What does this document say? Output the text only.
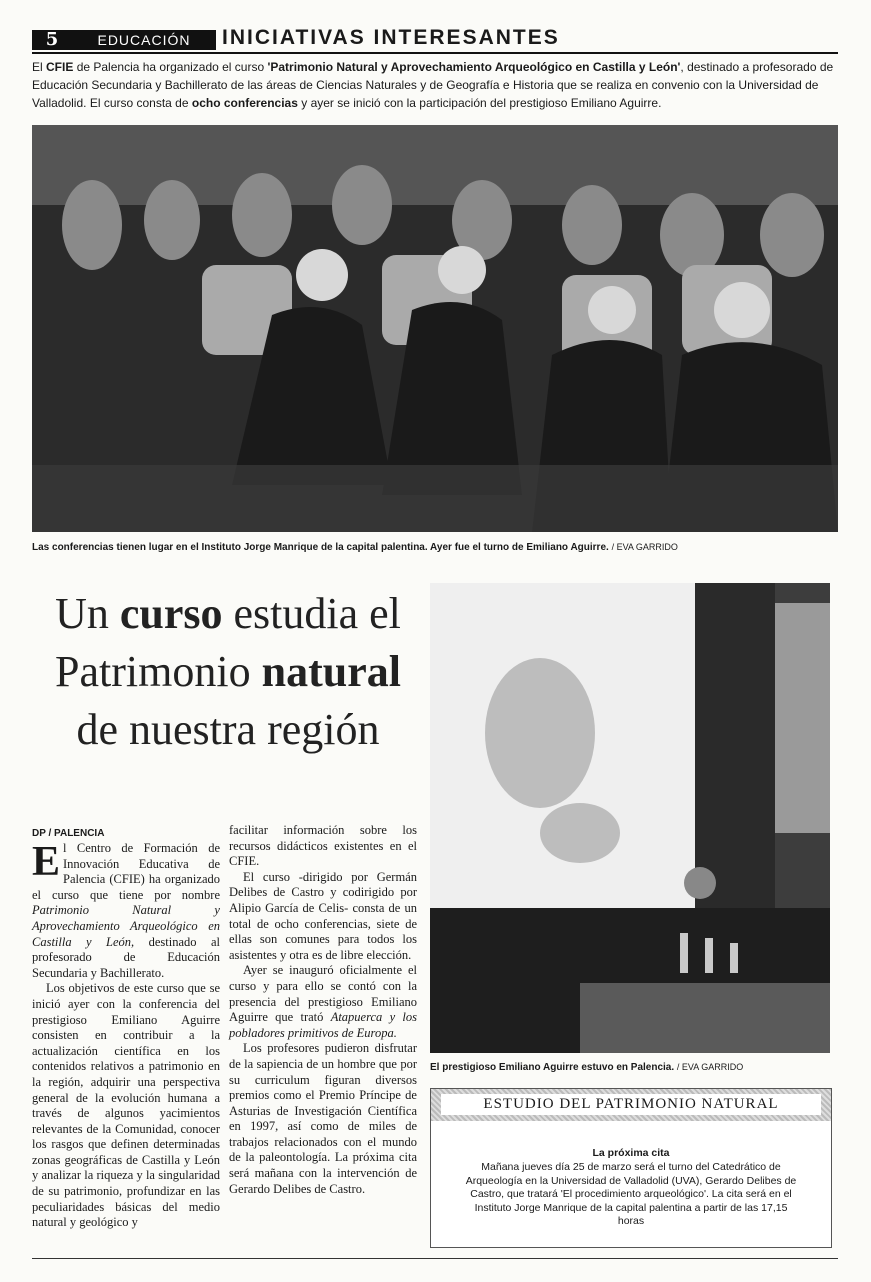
5	EDUCACIÓN	INICIATIVAS INTERESANTES
El CFIE de Palencia ha organizado el curso 'Patrimonio Natural y Aprovechamiento Arqueológico en Castilla y León', destinado a profesorado de Educación Secundaria y Bachillerato de las áreas de Ciencias Naturales y de Geografía e Historia que se realiza en convenio con la Universidad de Valladolid. El curso consta de ocho conferencias y ayer se inició con la participación del prestigioso Emiliano Aguirre.
Las conferencias tienen lugar en el Instituto Jorge Manrique de la capital palentina. Ayer fue el turno de Emiliano Aguirre. / EVA GARRIDO
Un curso estudia el Patrimonio natural de nuestra región
DP / PALENCIA

El Centro de Formación de Innovación Educativa de Palencia (CFIE) ha organizado el curso que tiene por nombre Patrimonio Natural y Aprovechamiento Arqueológico en Castilla y León, destinado al profesorado de Educación Secundaria y Bachillerato.

Los objetivos de este curso que se inició ayer con la conferencia del prestigioso Emiliano Aguirre consisten en contribuir a la actualización científica en los contenidos relativos a patrimonio en la región, adquirir una perspectiva general de la evolución humana a través de algunos yacimientos relevantes de la Comunidad, conocer los rasgos que definen determinadas zonas geográficas de Castilla y León y analizar la riqueza y la singularidad de su patrimonio, profundizar en las peculiaridades básicas del medio natural y geológico y

facilitar información sobre los recursos didácticos existentes en el CFIE.

El curso -dirigido por Germán Delibes de Castro y codirigido por Alipio García de Celis- consta de un total de ocho conferencias, siete de ellas son comunes para todos los asistentes y otra es de libre elección.

Ayer se inauguró oficialmente el curso y para ello se contó con la presencia del prestigioso Emiliano Aguirre que trató Atapuerca y los pobladores primitivos de Europa.

Los profesores pudieron disfrutar de la sapiencia de un hombre que por su curriculum figuran diversos premios como el Premio Príncipe de Asturias de Investigación Científica en 1997, así como de miles de trabajos relacionados con el mundo de la paleontología. La próxima cita será mañana con la intervención de Gerardo Delibes de Castro.

El prestigioso Emiliano Aguirre estuvo en Palencia. / EVA GARRIDO
ESTUDIO DEL PATRIMONIO NATURAL
La próxima cita
Mañana jueves día 25 de marzo será el turno del Catedrático de Arqueología en la Universidad de Valladolid (UVA), Gerardo Delibes de Castro, que tratará 'El procedimiento arqueológico'. La cita será en el Instituto Jorge Manrique de la capital palentina a partir de las 17,15 horas
